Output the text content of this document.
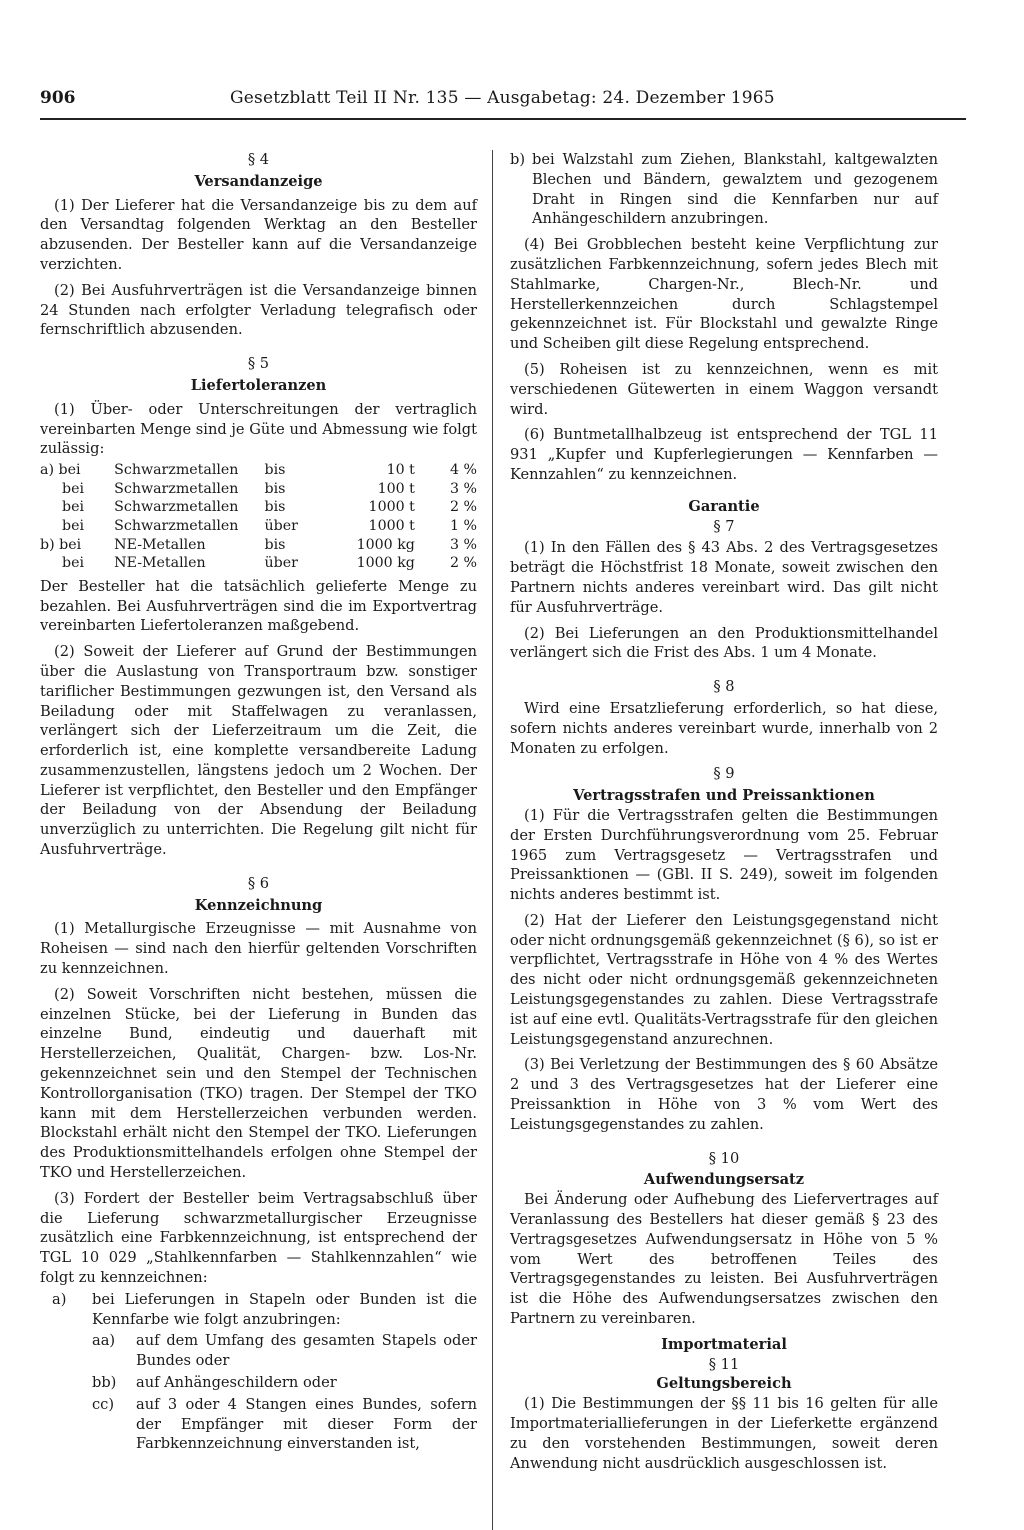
906	Gesetzblatt Teil II Nr. 135 — Ausgabetag: 24. Dezember 1965
§ 4
Versandanzeige

(1) Der Lieferer hat die Versandanzeige bis zu dem auf den Versandtag folgenden Werktag an den Besteller abzusenden. Der Besteller kann auf die Versandanzeige verzichten.

(2) Bei Ausfuhrverträgen ist die Versandanzeige binnen 24 Stunden nach erfolgter Verladung telegrafisch oder fernschriftlich abzusenden.

§ 5
Liefertoleranzen

(1) Über- oder Unterschreitungen der vertraglich vereinbarten Menge sind je Güte und Abmessung wie folgt zulässig:

a) bei	Schwarzmetallen	bis	10 t	4 %
bei	Schwarzmetallen	bis	100 t	3 %
bei	Schwarzmetallen	bis	1000 t	2 %
bei	Schwarzmetallen	über	1000 t	1 %
b) bei	NE-Metallen	bis	1000 kg	3 %
bei	NE-Metallen	über	1000 kg	2 %

Der Besteller hat die tatsächlich gelieferte Menge zu bezahlen. Bei Ausfuhrverträgen sind die im Exportvertrag vereinbarten Liefertoleranzen maßgebend.

(2) Soweit der Lieferer auf Grund der Bestimmungen über die Auslastung von Transportraum bzw. sonstiger tariflicher Bestimmungen gezwungen ist, den Versand als Beiladung oder mit Staffelwagen zu veranlassen, verlängert sich der Lieferzeitraum um die Zeit, die erforderlich ist, eine komplette versandbereite Ladung zusammenzustellen, längstens jedoch um 2 Wochen. Der Lieferer ist verpflichtet, den Besteller und den Empfänger der Beiladung von der Absendung der Beiladung unverzüglich zu unterrichten. Die Regelung gilt nicht für Ausfuhrverträge.

§ 6
Kennzeichnung

(1) Metallurgische Erzeugnisse — mit Ausnahme von Roheisen — sind nach den hierfür geltenden Vorschriften zu kennzeichnen.

(2) Soweit Vorschriften nicht bestehen, müssen die einzelnen Stücke, bei der Lieferung in Bunden das einzelne Bund, eindeutig und dauerhaft mit Herstellerzeichen, Qualität, Chargen- bzw. Los-Nr. gekennzeichnet sein und den Stempel der Technischen Kontrollorganisation (TKO) tragen. Der Stempel der TKO kann mit dem Herstellerzeichen verbunden werden. Blockstahl erhält nicht den Stempel der TKO. Lieferungen des Produktionsmittelhandels erfolgen ohne Stempel der TKO und Herstellerzeichen.

(3) Fordert der Besteller beim Vertragsabschluß über die Lieferung schwarzmetallurgischer Erzeugnisse zusätzlich eine Farbkennzeichnung, ist entsprechend der TGL 10 029 „Stahlkennfarben — Stahlkennzahlen“ wie folgt zu kennzeichnen:

a)	bei Lieferungen in Stapeln oder Bunden ist die Kennfarbe wie folgt anzubringen:
aa)	auf dem Umfang des gesamten Stapels oder Bundes oder
bb)	auf Anhängeschildern oder
cc)	auf 3 oder 4 Stangen eines Bundes, sofern der Empfänger mit dieser Form der Farbkennzeichnung einverstanden ist,
b) bei Walzstahl zum Ziehen, Blankstahl, kaltgewalzten Blechen und Bändern, gewalztem und gezogenem Draht in Ringen sind die Kennfarben nur auf Anhängeschildern anzubringen.

(4) Bei Grobblechen besteht keine Verpflichtung zur zusätzlichen Farbkennzeichnung, sofern jedes Blech mit Stahlmarke, Chargen-Nr., Blech-Nr. und Herstellerkennzeichen durch Schlagstempel gekennzeichnet ist. Für Blockstahl und gewalzte Ringe und Scheiben gilt diese Regelung entsprechend.

(5) Roheisen ist zu kennzeichnen, wenn es mit verschiedenen Gütewerten in einem Waggon versandt wird.

(6) Buntmetallhalbzeug ist entsprechend der TGL 11 931 „Kupfer und Kupferlegierungen — Kennfarben — Kennzahlen“ zu kennzeichnen.

Garantie
§ 7

(1) In den Fällen des § 43 Abs. 2 des Vertragsgesetzes beträgt die Höchstfrist 18 Monate, soweit zwischen den Partnern nichts anderes vereinbart wird. Das gilt nicht für Ausfuhrverträge.

(2) Bei Lieferungen an den Produktionsmittelhandel verlängert sich die Frist des Abs. 1 um 4 Monate.

§ 8

Wird eine Ersatzlieferung erforderlich, so hat diese, sofern nichts anderes vereinbart wurde, innerhalb von 2 Monaten zu erfolgen.

§ 9
Vertragsstrafen und Preissanktionen

(1) Für die Vertragsstrafen gelten die Bestimmungen der Ersten Durchführungsverordnung vom 25. Februar 1965 zum Vertragsgesetz — Vertragsstrafen und Preissanktionen — (GBl. II S. 249), soweit im folgenden nichts anderes bestimmt ist.

(2) Hat der Lieferer den Leistungsgegenstand nicht oder nicht ordnungsgemäß gekennzeichnet (§ 6), so ist er verpflichtet, Vertragsstrafe in Höhe von 4 % des Wertes des nicht oder nicht ordnungsgemäß gekennzeichneten Leistungsgegenstandes zu zahlen. Diese Vertragsstrafe ist auf eine evtl. Qualitäts-Vertragsstrafe für den gleichen Leistungsgegenstand anzurechnen.

(3) Bei Verletzung der Bestimmungen des § 60 Absätze 2 und 3 des Vertragsgesetzes hat der Lieferer eine Preissanktion in Höhe von 3 % vom Wert des Leistungsgegenstandes zu zahlen.

§ 10
Aufwendungsersatz

Bei Änderung oder Aufhebung des Liefervertrages auf Veranlassung des Bestellers hat dieser gemäß § 23 des Vertragsgesetzes Aufwendungsersatz in Höhe von 5 % vom Wert des betroffenen Teiles des Vertragsgegenstandes zu leisten. Bei Ausfuhrverträgen ist die Höhe des Aufwendungsersatzes zwischen den Partnern zu vereinbaren.

Importmaterial
§ 11
Geltungsbereich

(1) Die Bestimmungen der §§ 11 bis 16 gelten für alle Importmateriallieferungen in der Lieferkette ergänzend zu den vorstehenden Bestimmungen, soweit deren Anwendung nicht ausdrücklich ausgeschlossen ist.
